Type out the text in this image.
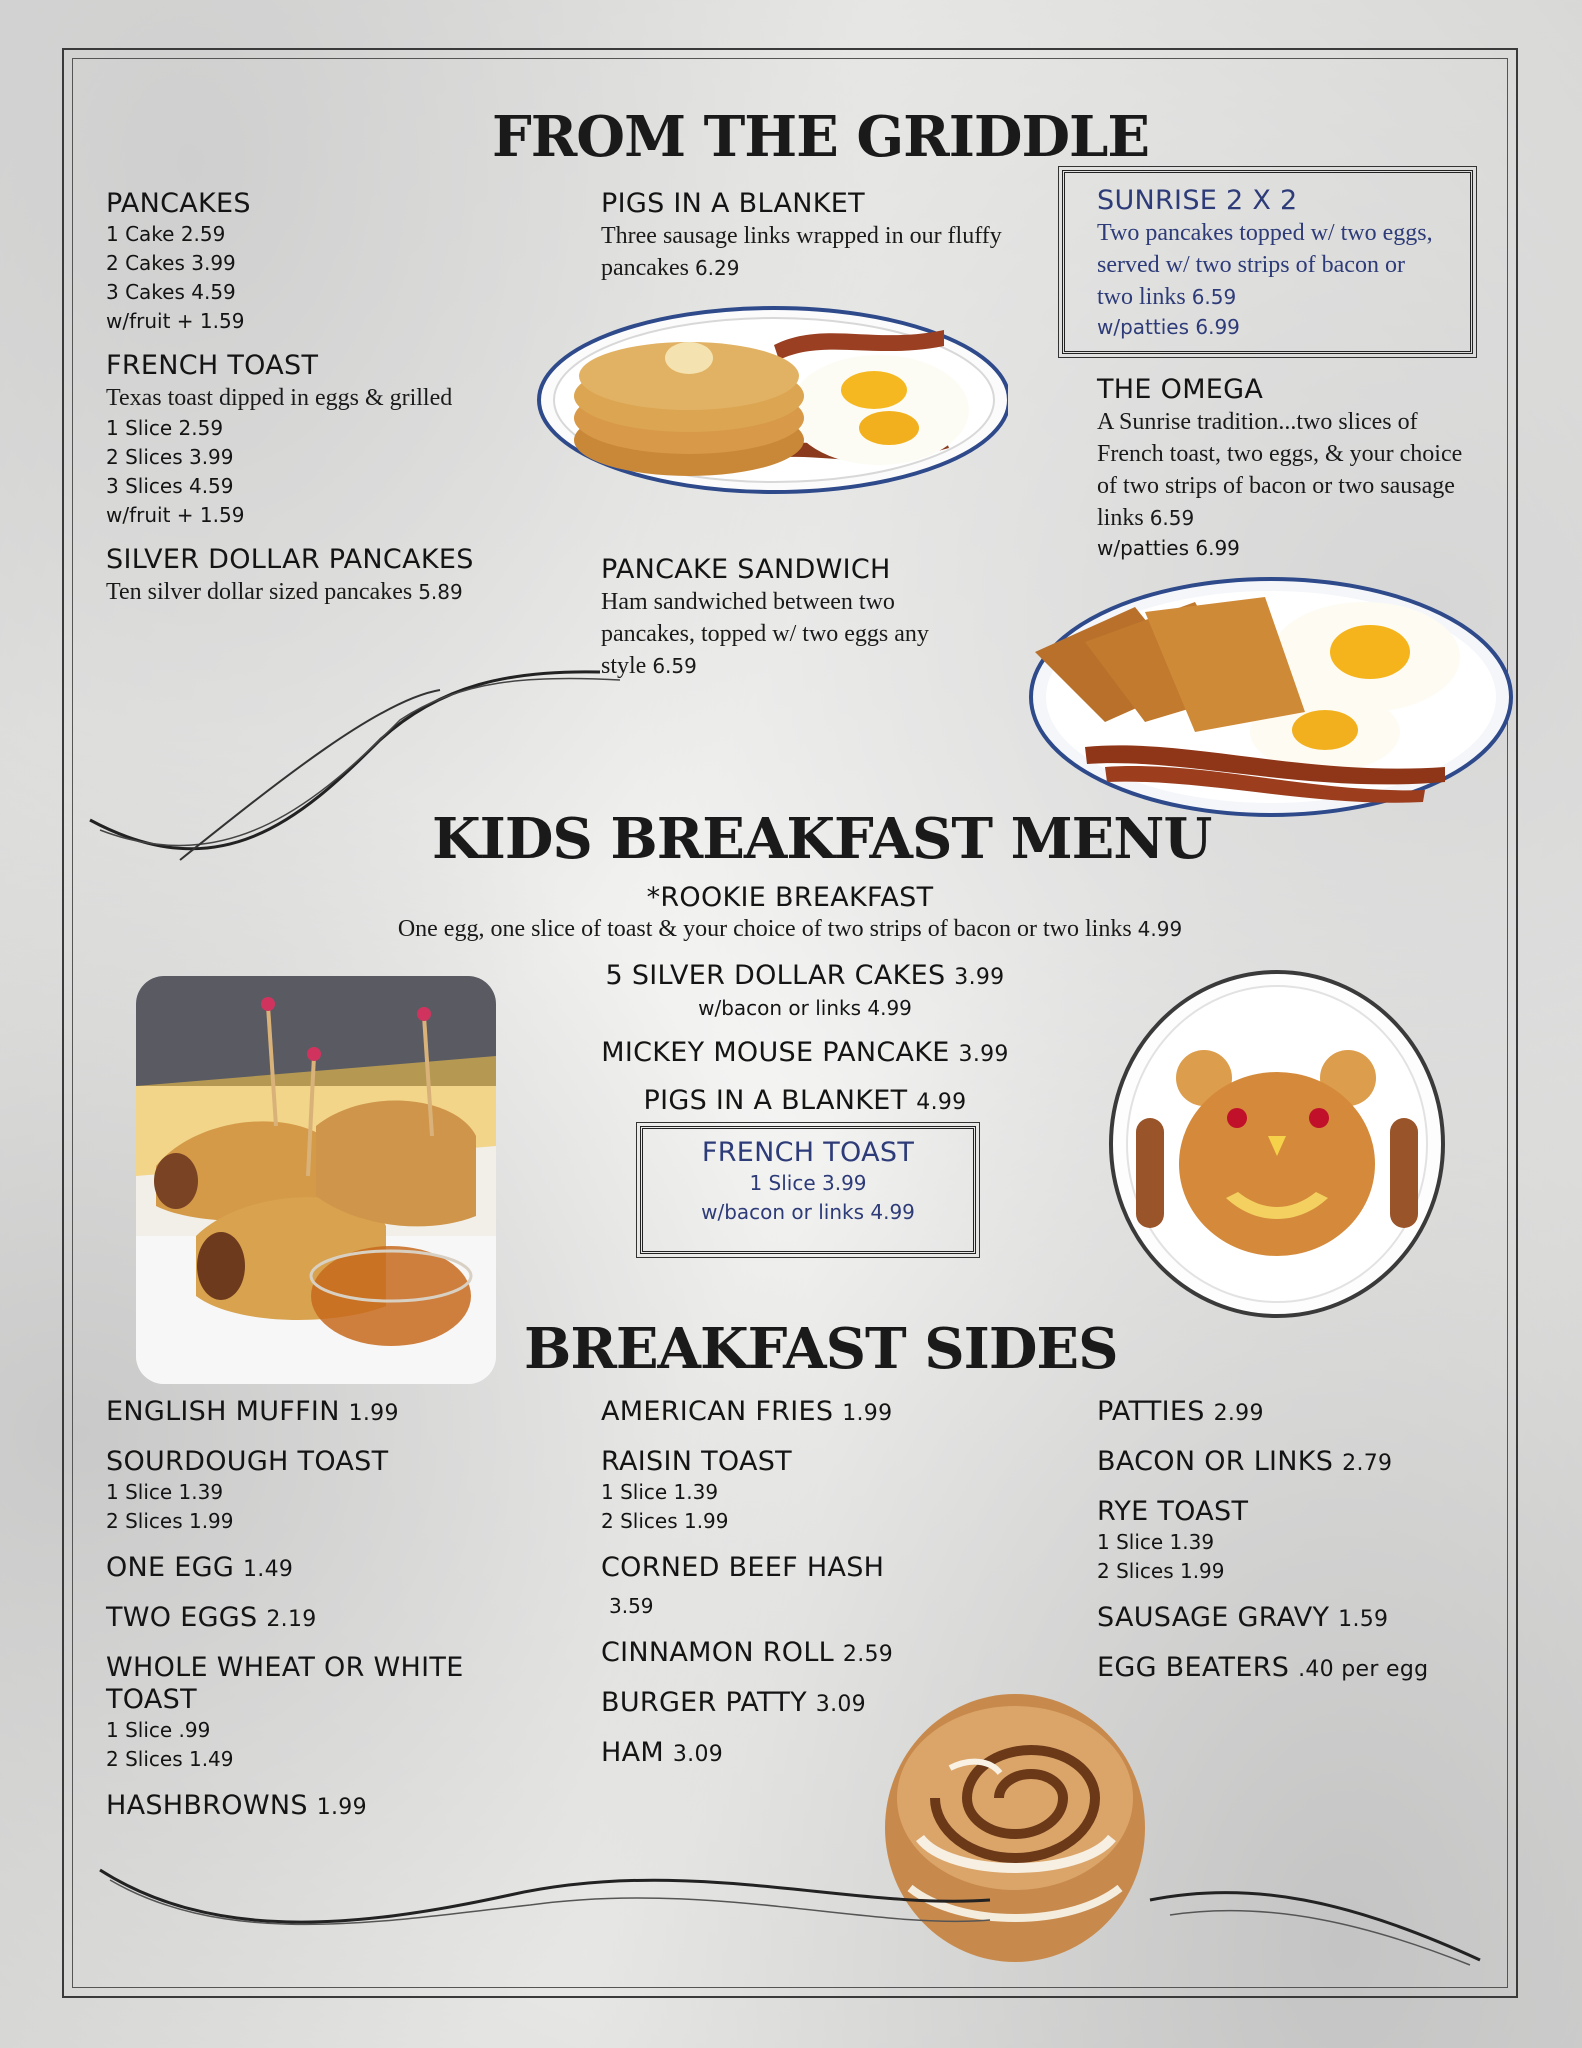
FROM THE GRIDDLE
PANCAKES
1 Cake 2.59
2 Cakes 3.99
3 Cakes 4.59
w/fruit + 1.59
FRENCH TOAST
Texas toast dipped in eggs & grilled
1 Slice 2.59
2 Slices 3.99
3 Slices 4.59
w/fruit + 1.59
SILVER DOLLAR PANCAKES
Ten silver dollar sized pancakes 5.89
PIGS IN A BLANKET
Three sausage links wrapped in our fluffy pancakes 6.29
PANCAKE SANDWICH
Ham sandwiched between two pancakes, topped w/ two eggs any style 6.59
SUNRISE 2 X 2
Two pancakes topped w/ two eggs, served w/ two strips of bacon or two links 6.59
w/patties 6.99
THE OMEGA
A Sunrise tradition...two slices of French toast, two eggs, & your choice of two strips of bacon or two sausage links 6.59
w/patties 6.99
KIDS BREAKFAST MENU
*ROOKIE BREAKFAST
One egg, one slice of toast & your choice of two strips of bacon or two links 4.99
5 SILVER DOLLAR CAKES 3.99
w/bacon or links 4.99
MICKEY MOUSE PANCAKE 3.99
PIGS IN A BLANKET 4.99
FRENCH TOAST
1 Slice 3.99
w/bacon or links 4.99
BREAKFAST SIDES
ENGLISH MUFFIN 1.99
SOURDOUGH TOAST
1 Slice 1.39
2 Slices 1.99
ONE EGG 1.49
TWO EGGS 2.19
WHOLE WHEAT OR WHITE
TOAST
1 Slice .99
2 Slices 1.49
HASHBROWNS 1.99
AMERICAN FRIES 1.99
RAISIN TOAST
1 Slice 1.39
2 Slices 1.99
CORNED BEEF HASH
3.59
CINNAMON ROLL 2.59
BURGER PATTY 3.09
HAM 3.09
PATTIES 2.99
BACON OR LINKS 2.79
RYE TOAST
1 Slice 1.39
2 Slices 1.99
SAUSAGE GRAVY 1.59
EGG BEATERS .40 per egg
